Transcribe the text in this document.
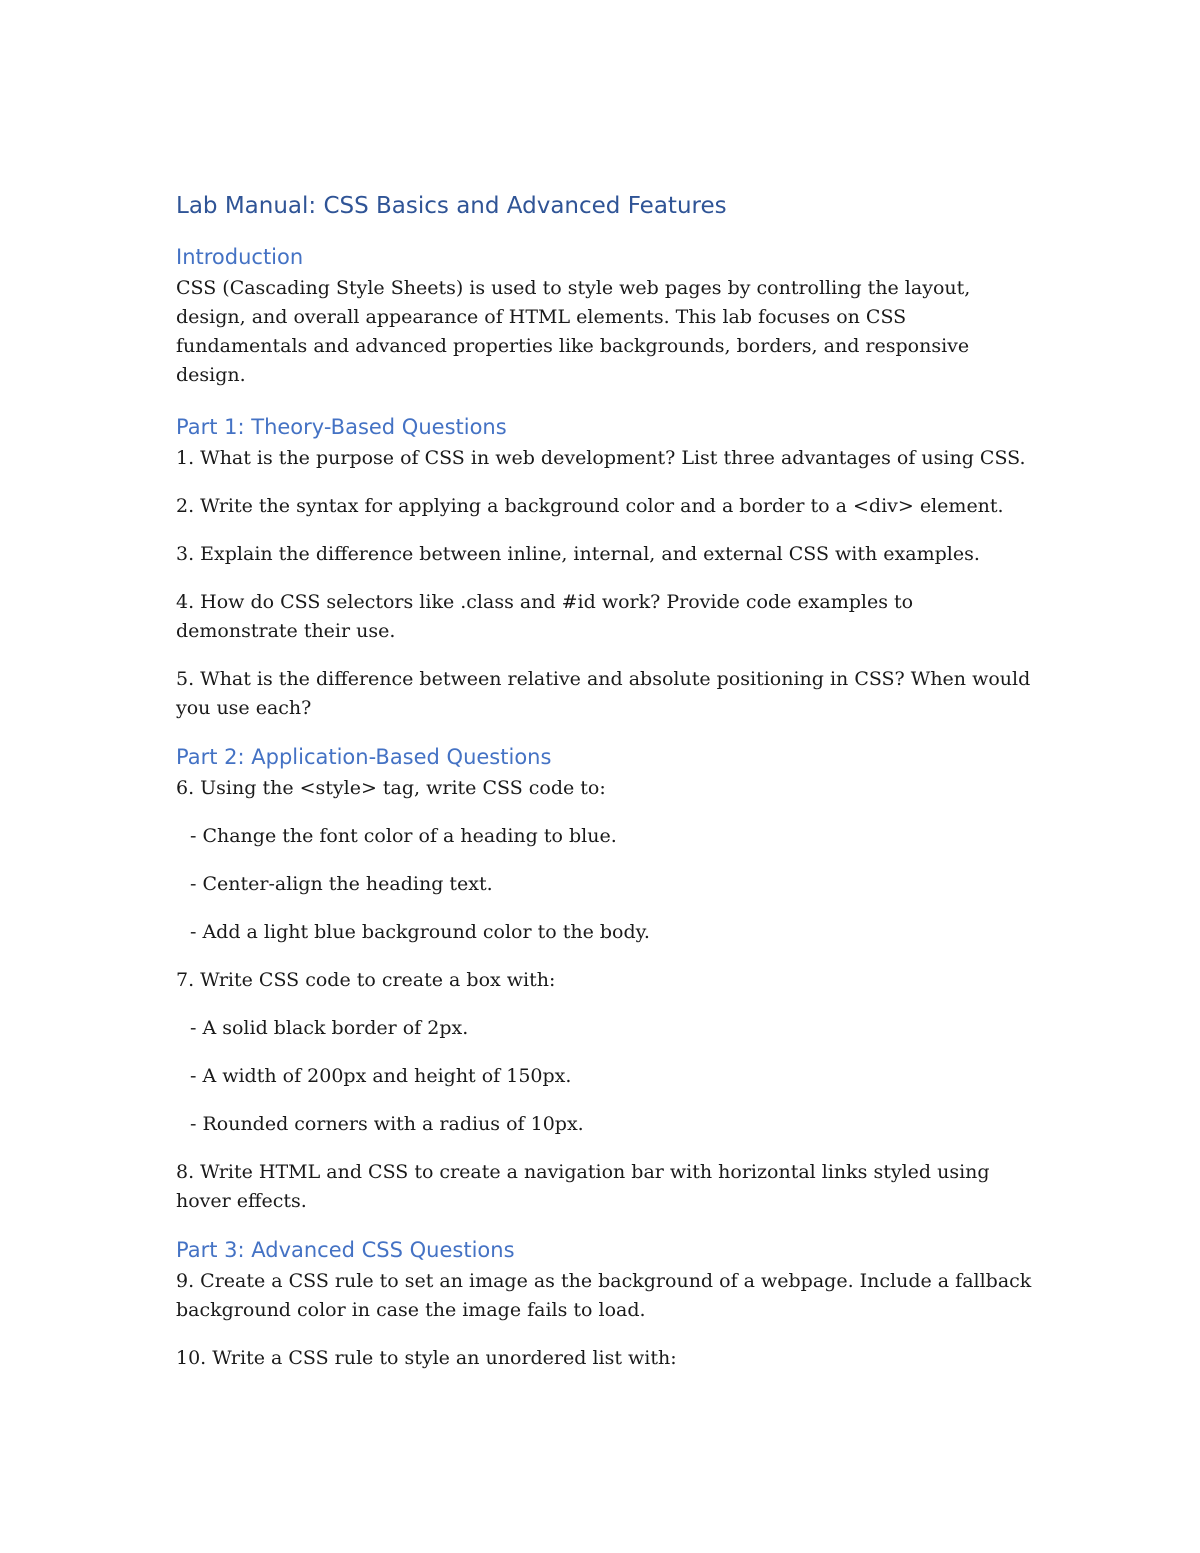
Lab Manual: CSS Basics and Advanced Features
Introduction

CSS (Cascading Style Sheets) is used to style web pages by controlling the layout, design, and overall appearance of HTML elements. This lab focuses on CSS fundamentals and advanced properties like backgrounds, borders, and responsive design.

Part 1: Theory-Based Questions

1. What is the purpose of CSS in web development? List three advantages of using CSS.

2. Write the syntax for applying a background color and a border to a <div> element.

3. Explain the difference between inline, internal, and external CSS with examples.

4. How do CSS selectors like .class and #id work? Provide code examples to demonstrate their use.

5. What is the difference between relative and absolute positioning in CSS? When would you use each?

Part 2: Application-Based Questions

6. Using the <style> tag, write CSS code to:

- Change the font color of a heading to blue.

- Center-align the heading text.

- Add a light blue background color to the body.

7. Write CSS code to create a box with:

- A solid black border of 2px.

- A width of 200px and height of 150px.

- Rounded corners with a radius of 10px.

8. Write HTML and CSS to create a navigation bar with horizontal links styled using hover effects.

Part 3: Advanced CSS Questions

9. Create a CSS rule to set an image as the background of a webpage. Include a fallback background color in case the image fails to load.

10. Write a CSS rule to style an unordered list with:
